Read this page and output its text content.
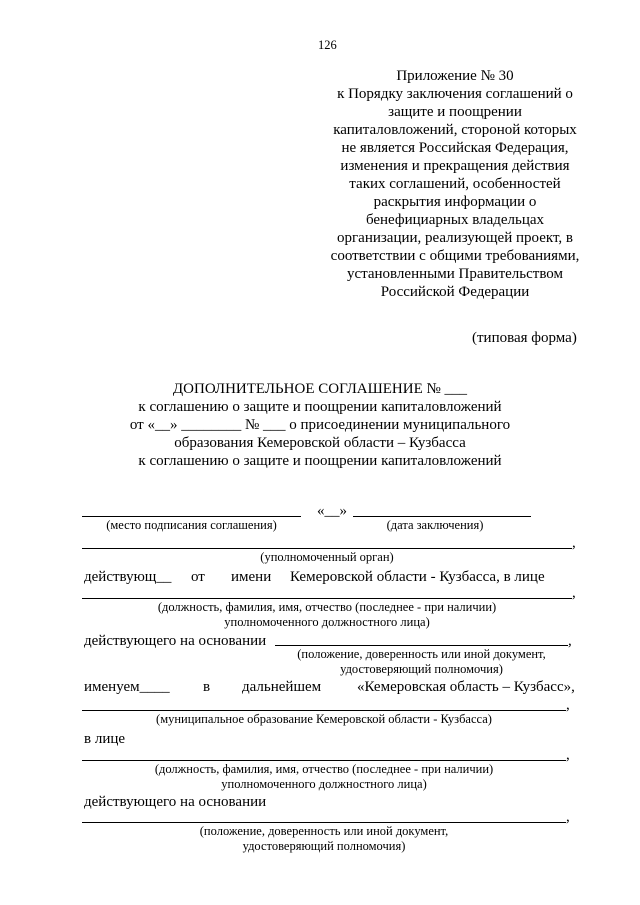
126
Приложение № 30
к Порядку заключения соглашений о
защите и поощрении
капиталовложений, стороной которых
не является Российская Федерация,
изменения и прекращения действия
таких соглашений, особенностей
раскрытия информации о
бенефициарных владельцах
организации, реализующей проект, в
соответствии с общими требованиями,
установленными Правительством
Российской Федерации
(типовая форма)
ДОПОЛНИТЕЛЬНОЕ СОГЛАШЕНИЕ № ___
к соглашению о защите и поощрении капиталовложений
от «__» ________ № ___ о присоединении муниципального
образования Кемеровской области – Кузбасса
к соглашению о защите и поощрении капиталовложений
«__»
(место подписания соглашения)	(дата заключения)
,
(уполномоченный орган)
действующ__ от имени Кемеровской области - Кузбасса, в лице
,
(должность, фамилия, имя, отчество (последнее - при наличии)
уполномоченного должностного лица)
действующего на основании	,
(положение, доверенность или иной документ,
удостоверяющий полномочия)
именуем____ в дальнейшем «Кемеровская область – Кузбасс»,
,
(муниципальное образование Кемеровской области - Кузбасса)
в лице
,
(должность, фамилия, имя, отчество (последнее - при наличии)
уполномоченного должностного лица)
действующего на основании
,
(положение, доверенность или иной документ,
удостоверяющий полномочия)
